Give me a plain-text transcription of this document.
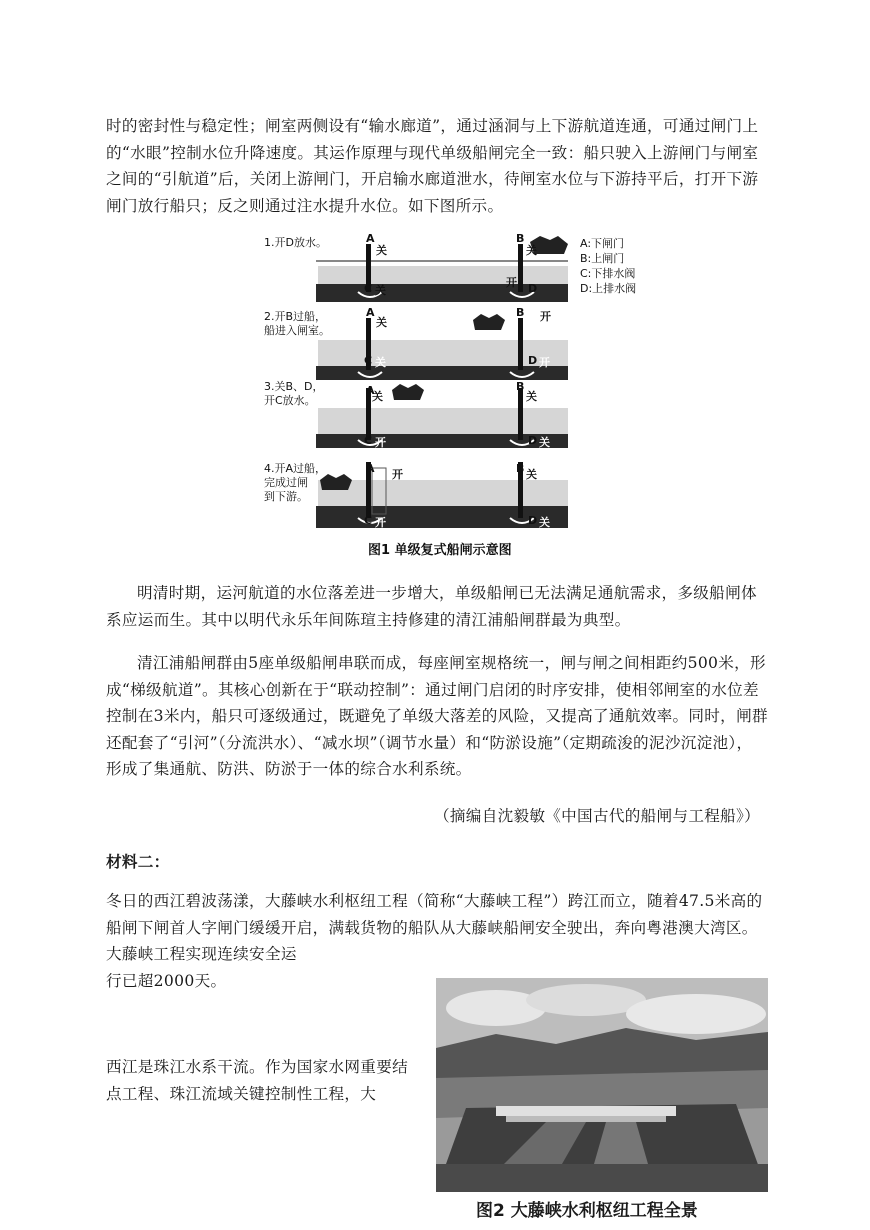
时的密封性与稳定性；闸室两侧设有“输水廊道”，通过涵洞与上下游航道连通，可通过闸门上的“水眼”控制水位升降速度。其运作原理与现代单级船闸完全一致：船只驶入上游闸门与闸室之间的“引航道”后，关闭上游闸门，开启输水廊道泄水，待闸室水位与下游持平后，打开下游闸门放行船只；反之则通过注水提升水位。如下图所示。

1.开D放水。
2.开B过船，
船进入闸室。
3.关B、D，
开C放水。
4.开A过船，
完成过闸
到下游。
A
关
B
关
C 关
开 D
A
关
B 开
C 关	D 开
A
关
B
关
C 开	D 关
A 开	B 关
C 开	D 关
A:下闸门
B:上闸门
C:下排水阀
D:上排水阀
图1 单级复式船闸示意图

明清时期，运河航道的水位落差进一步增大，单级船闸已无法满足通航需求，多级船闸体系应运而生。其中以明代永乐年间陈瑄主持修建的清江浦船闸群最为典型。

清江浦船闸群由5座单级船闸串联而成，每座闸室规格统一，闸与闸之间相距约500米，形成“梯级航道”。其核心创新在于“联动控制”：通过闸门启闭的时序安排，使相邻闸室的水位差控制在3米内，船只可逐级通过，既避免了单级大落差的风险，又提高了通航效率。同时，闸群还配套了“引河”（分流洪水）、“减水坝”（调节水量）和“防淤设施”（定期疏浚的泥沙沉淀池），形成了集通航、防洪、防淤于一体的综合水利系统。

（摘编自沈毅敏《中国古代的船闸与工程船》）

材料二：

冬日的西江碧波荡漾，大藤峡水利枢纽工程（简称“大藤峡工程”）跨江而立，随着47.5米高的船闸下闸首人字闸门缓缓开启，满载货物的船队从大藤峡船闸安全驶出，奔向粤港澳大湾区。大藤峡工程实现连续安全运

行已超2000天。

西江是珠江水系干流。作为国家水网重要结点工程、珠江流域关键控制性工程，大

图2 大藤峡水利枢纽工程全景
